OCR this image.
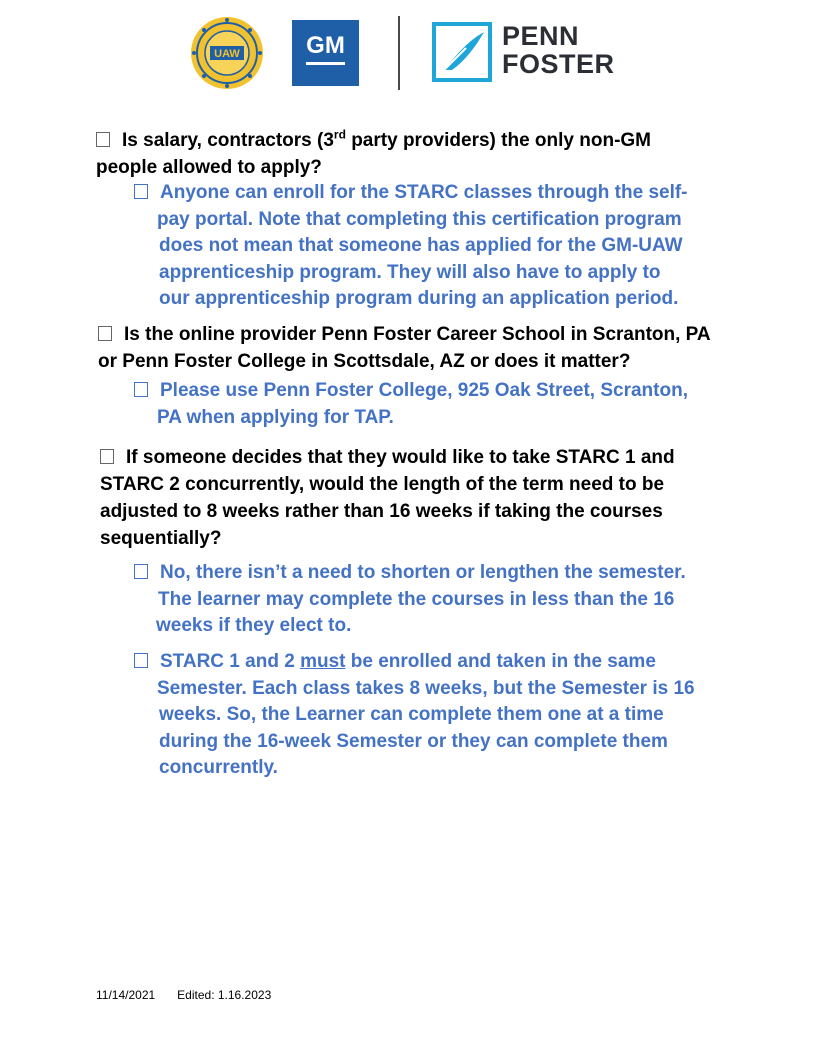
UAW	GM	PENN
FOSTER
Is salary, contractors (3rd party providers) the only non-GM
people allowed to apply?
Anyone can enroll for the STARC classes through the self-
pay portal. Note that completing this certification program
does not mean that someone has applied for the GM-UAW
apprenticeship program. They will also have to apply to
our apprenticeship program during an application period.
Is the online provider Penn Foster Career School in Scranton, PA
or Penn Foster College in Scottsdale, AZ or does it matter?
Please use Penn Foster College, 925 Oak Street, Scranton,
PA when applying for TAP.
If someone decides that they would like to take STARC 1 and
STARC 2 concurrently, would the length of the term need to be
adjusted to 8 weeks rather than 16 weeks if taking the courses
sequentially?
No, there isn’t a need to shorten or lengthen the semester.
The learner may complete the courses in less than the 16
weeks if they elect to.
STARC 1 and 2 must be enrolled and taken in the same
Semester. Each class takes 8 weeks, but the Semester is 16
weeks. So, the Learner can complete them one at a time
during the 16-week Semester or they can complete them
concurrently.
11/14/2021 Edited: 1.16.2023
